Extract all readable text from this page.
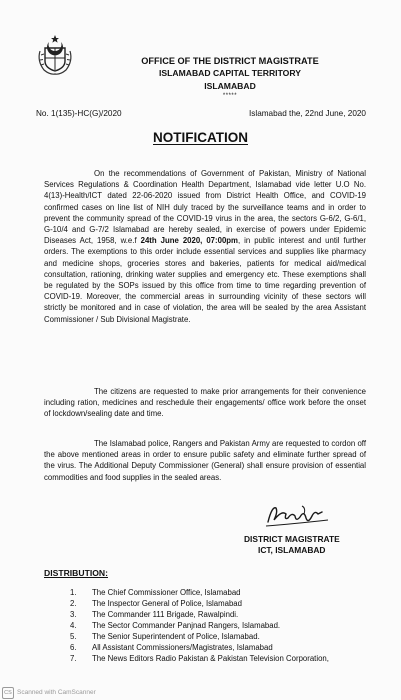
OFFICE OF THE DISTRICT MAGISTRATE
ISLAMABAD CAPITAL TERRITORY
ISLAMABAD
*****
No. 1(135)-HC(G)/2020	Islamabad the, 22nd June, 2020
NOTIFICATION

On the recommendations of Government of Pakistan, Ministry of National Services Regulations & Coordination Health Department, Islamabad vide letter U.O No. 4(13)-Health/ICT dated 22-06-2020 issued from District Health Office, and COVID-19 confirmed cases on line list of NIH duly traced by the surveillance teams and in order to prevent the community spread of the COVID-19 virus in the area, the sectors G-6/2, G-6/1, G-10/4 and G-7/2 Islamabad are hereby sealed, in exercise of powers under Epidemic Diseases Act, 1958, w.e.f 24th June 2020, 07:00pm, in public interest and until further orders. The exemptions to this order include essential services and supplies like pharmacy and medicine shops, groceries stores and bakeries, patients for medical aid/medical consultation, rationing, drinking water supplies and emergency etc. These exemptions shall be regulated by the SOPs issued by this office from time to time regarding prevention of COVID-19. Moreover, the commercial areas in surrounding vicinity of these sectors will strictly be monitored and in case of violation, the area will be sealed by the area Assistant Commissioner / Sub Divisional Magistrate.

The citizens are requested to make prior arrangements for their convenience including ration, medicines and reschedule their engagements/ office work before the onset of lockdown/sealing date and time.

The Islamabad police, Rangers and Pakistan Army are requested to cordon off the above mentioned areas in order to ensure public safety and eliminate further spread of the virus. The Additional Deputy Commissioner (General) shall ensure provision of essential commodities and food supplies in the sealed areas.

DISTRICT MAGISTRATE
ICT, ISLAMABAD
DISTRIBUTION:
1. The Chief Commissioner Office, Islamabad
2. The Inspector General of Police, Islamabad
3. The Commander 111 Brigade, Rawalpindi.
4. The Sector Commander Panjnad Rangers, Islamabad.
5. The Senior Superintendent of Police, Islamabad.
6. All Assistant Commissioners/Magistrates, Islamabad
7. The News Editors Radio Pakistan & Pakistan Television Corporation,
CS Scanned with CamScanner
